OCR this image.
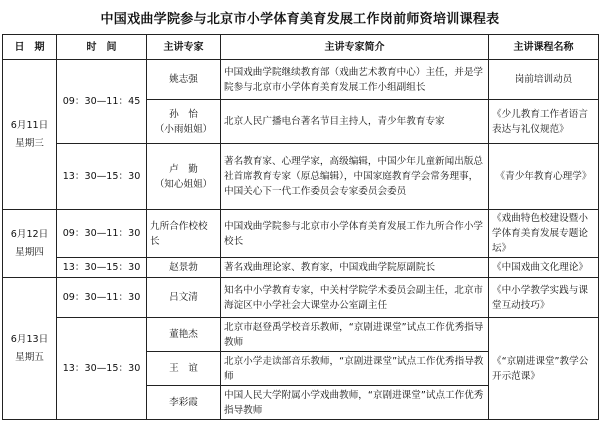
中国戏曲学院参与北京市小学体育美育发展工作岗前师资培训课程表
日　期	时　间	主讲专家	主讲专家简介	主讲课程名称

6月11日
星期三	09：30—11：45	姚志强	中国戏曲学院继续教育部（戏曲艺术教育中心）主任，并是学院参与北京市小学体育美育发展工作小组副组长	岗前培训动员

		孙　怡
（小雨姐姐）	北京人民广播电台著名节目主持人，青少年教育专家	《少儿教育工作者语言表达与礼仪规范》
	13：30—15：30	卢　勤
（知心姐姐）	著名教育家、心理学家，高级编辑，中国少年儿童新闻出版总社首席教育专家（原总编辑），中国家庭教育学会常务理事，中国关心下一代工作委员会专家委员会委员	《青少年教育心理学》

6月12日
星期四	09：30—11：30	九所合作校校长	中国戏曲学院参与北京市小学体育美育发展工作九所合作小学校长	《戏曲特色校建设暨小学体育美育发展专题论坛》
	13：30—15：30	赵景勃	著名戏曲理论家、教育家，中国戏曲学院原副院长	《中国戏曲文化理论》

6月13日
星期五	09：30—11：30	吕文清	知名中小学教育专家，中关村学院学术委员会副主任，北京市海淀区中小学社会大课堂办公室副主任	《中小学教学实践与课堂互动技巧》
	13：30—15：30	董艳杰	北京市赵登禹学校音乐教师，“京剧进课堂”试点工作优秀指导教师	《“京剧进课堂”教学公开示范课》
		王　谊	北京小学走读部音乐教师，“京剧进课堂”试点工作优秀指导教师	
		李彩霞	中国人民大学附属小学戏曲教师，“京剧进课堂”试点工作优秀指导教师	
